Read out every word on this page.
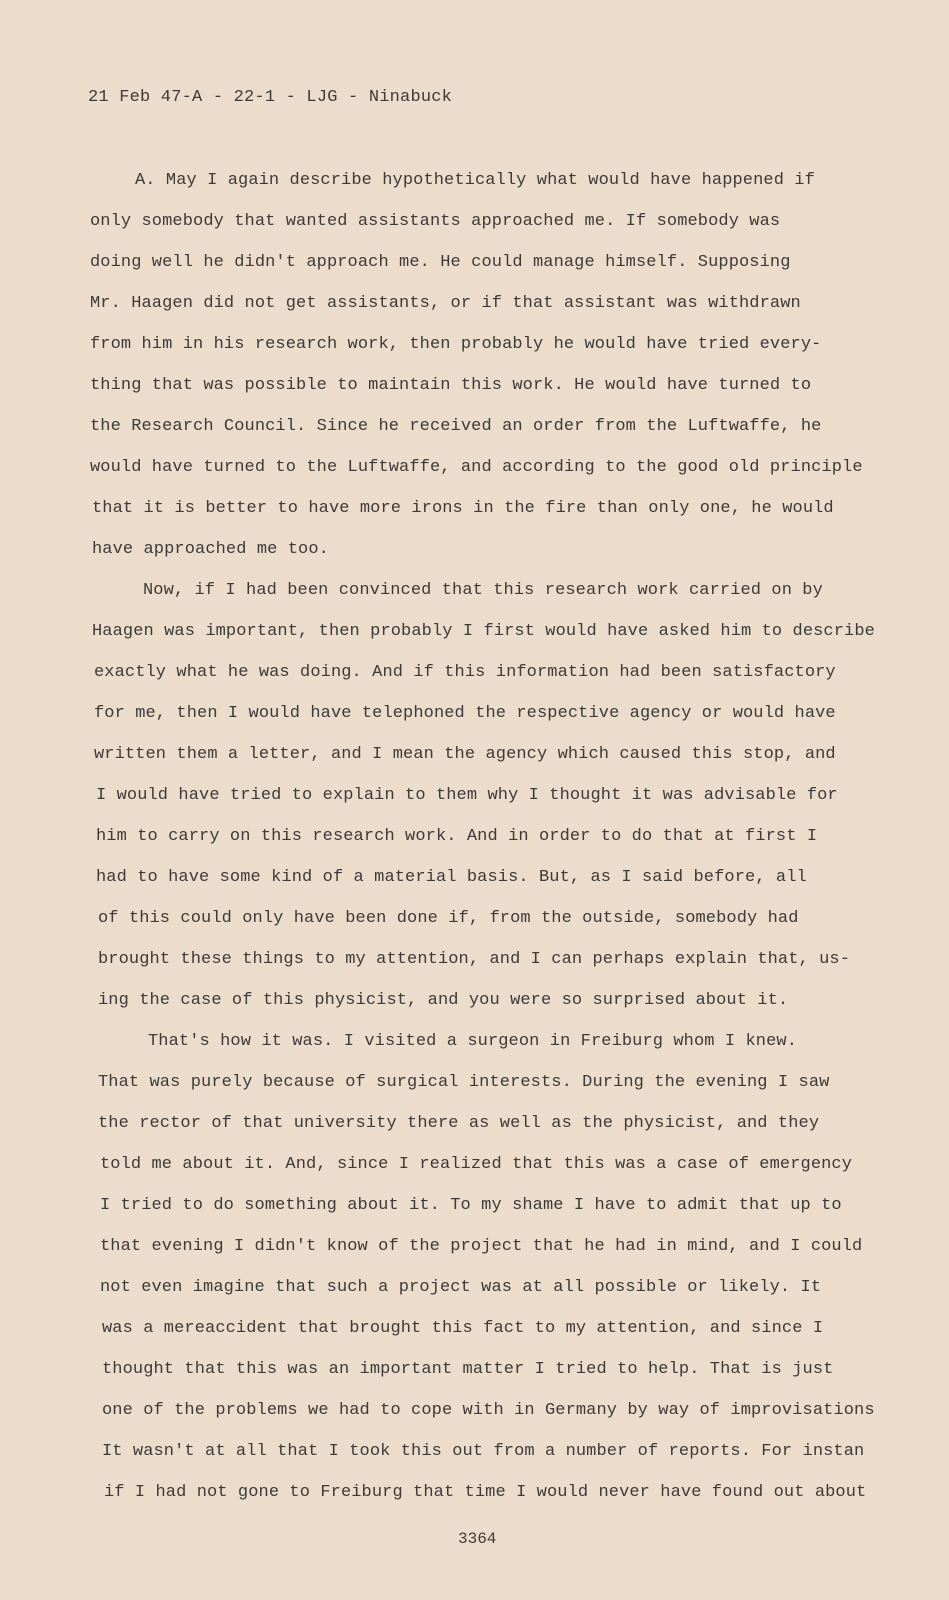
21 Feb 47-A - 22-1 - LJG - Ninabuck
A. May I again describe hypothetically what would have happened if
only somebody that wanted assistants approached me. If somebody was
doing well he didn't approach me. He could manage himself. Supposing
Mr. Haagen did not get assistants, or if that assistant was withdrawn
from him in his research work, then probably he would have tried every-
thing that was possible to maintain this work. He would have turned to
the Research Council. Since he received an order from the Luftwaffe, he
would have turned to the Luftwaffe, and according to the good old principle
that it is better to have more irons in the fire than only one, he would
have approached me too.
Now, if I had been convinced that this research work carried on by
Haagen was important, then probably I first would have asked him to describe
exactly what he was doing. And if this information had been satisfactory
for me, then I would have telephoned the respective agency or would have
written them a letter, and I mean the agency which caused this stop, and
I would have tried to explain to them why I thought it was advisable for
him to carry on this research work. And in order to do that at first I
had to have some kind of a material basis. But, as I said before, all
of this could only have been done if, from the outside, somebody had
brought these things to my attention, and I can perhaps explain that, us-
ing the case of this physicist, and you were so surprised about it.
That's how it was. I visited a surgeon in Freiburg whom I knew.
That was purely because of surgical interests. During the evening I saw
the rector of that university there as well as the physicist, and they
told me about it. And, since I realized that this was a case of emergency
I tried to do something about it. To my shame I have to admit that up to
that evening I didn't know of the project that he had in mind, and I could
not even imagine that such a project was at all possible or likely. It
was a mereaccident that brought this fact to my attention, and since I
thought that this was an important matter I tried to help. That is just
one of the problems we had to cope with in Germany by way of improvisations
It wasn't at all that I took this out from a number of reports. For instan
if I had not gone to Freiburg that time I would never have found out about
3364
